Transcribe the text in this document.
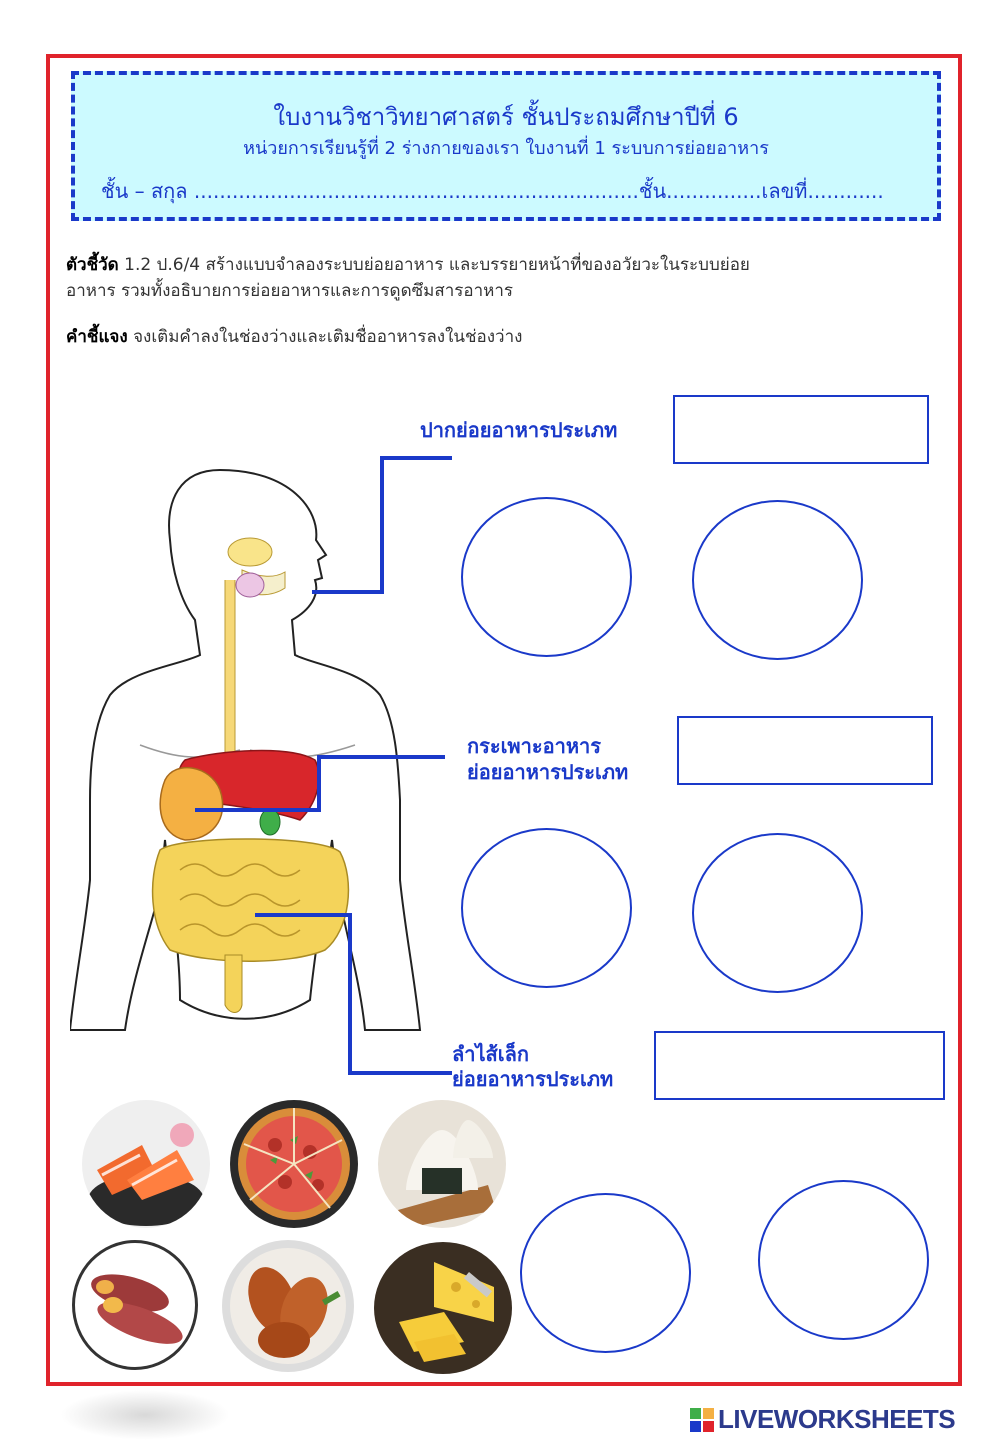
ใบงานวิชาวิทยาศาสตร์ ชั้นประถมศึกษาปีที่ 6
หน่วยการเรียนรู้ที่ 2 ร่างกายของเรา ใบงานที่ 1 ระบบการย่อยอาหาร
ชั้น – สกุล ......................................................................ชั้น...............เลขที่............
ตัวชี้วัด 1.2 ป.6/4 สร้างแบบจำลองระบบย่อยอาหาร และบรรยายหน้าที่ของอวัยวะในระบบย่อย
อาหาร รวมทั้งอธิบายการย่อยอาหารและการดูดซึมสารอาหาร
คำชี้แจง จงเติมคำลงในช่องว่างและเติมชื่ออาหารลงในช่องว่าง
ปากย่อยอาหารประเภท
กระเพาะอาหาร
ย่อยอาหารประเภท
ลำไส้เล็ก
ย่อยอาหารประเภท
LIVEWORKSHEETS
